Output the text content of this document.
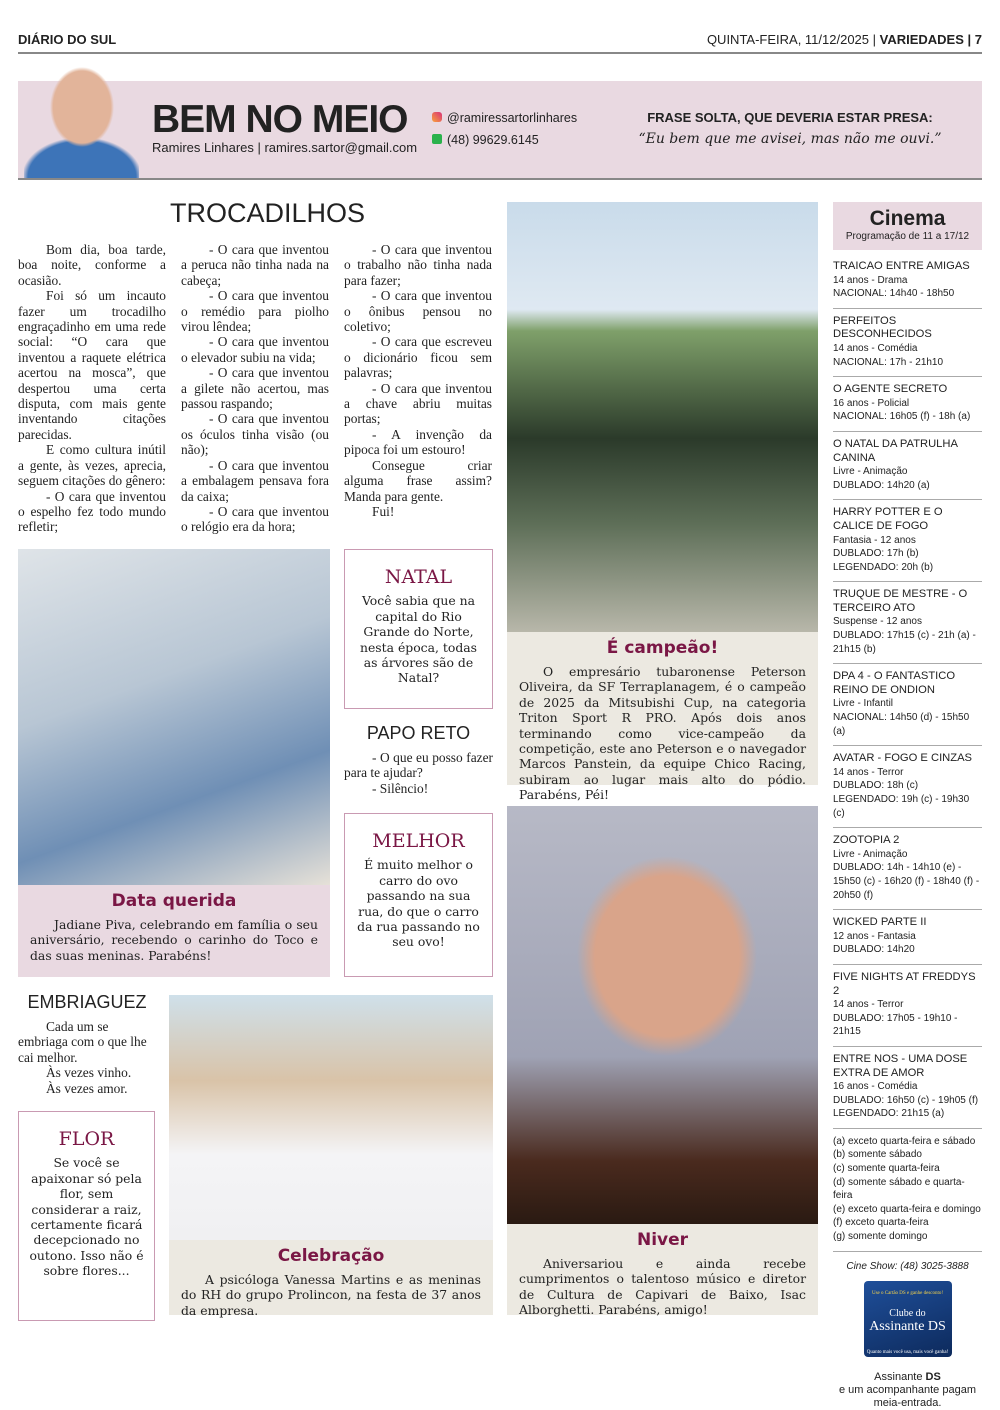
DIÁRIO DO SUL	QUINTA-FEIRA, 11/12/2025 | VARIEDADES | 7
BEM NO MEIO
Ramires Linhares | ramires.sartor@gmail.com
@ramiressartorlinhares
(48) 99629.6145
FRASE SOLTA, QUE DEVERIA ESTAR PRESA:
“Eu bem que me avisei, mas não me ouvi.”
TROCADILHOS

Bom dia, boa tarde, boa noite, conforme a ocasião.

Foi só um incauto fazer um trocadilho engraçadinho em uma rede social: “O cara que inventou a raquete elétrica acertou na mosca”, que despertou uma certa disputa, com mais gente inventando citações parecidas.

E como cultura inútil a gente, às vezes, aprecia, seguem citações do gênero:

- O cara que inventou o espelho fez todo mundo refletir;

- O cara que inventou a peruca não tinha nada na cabeça;

- O cara que inventou o remédio para piolho virou lêndea;

- O cara que inventou o elevador subiu na vida;

- O cara que inventou a gilete não acertou, mas passou raspando;

- O cara que inventou os óculos tinha visão (ou não);

- O cara que inventou a embalagem pensava fora da caixa;

- O cara que inventou o relógio era da hora;

- O cara que inventou o trabalho não tinha nada para fazer;

- O cara que inventou o ônibus pensou no coletivo;

- O cara que escreveu o dicionário ficou sem palavras;

- O cara que inventou a chave abriu muitas portas;

- A invenção da pipoca foi um estouro!

Consegue criar alguma frase assim? Manda para gente.

Fui!

Data querida

Jadiane Piva, celebrando em família o seu aniversário, recebendo o carinho do Toco e das suas meninas. Parabéns!

NATAL
Você sabia que na capital do Rio Grande do Norte, nesta época, todas as árvores são de Natal?
PAPO RETO

- O que eu posso fazer para te ajudar?

- Silêncio!

MELHOR
É muito melhor o carro do ovo passando na sua rua, do que o carro da rua passando no seu ovo!
EMBRIAGUEZ

Cada um se embriaga com o que lhe cai melhor.

Às vezes vinho.

Às vezes amor.

FLOR
Se você se apaixonar só pela flor, sem considerar a raiz, certamente ficará decepcionado no outono. Isso não é sobre flores...
Celebração

A psicóloga Vanessa Martins e as meninas do RH do grupo Prolincon, na festa de 37 anos da empresa.

É campeão!

O empresário tubaronense Peterson Oliveira, da SF Terraplanagem, é o campeão de 2025 da Mitsubishi Cup, na categoria Triton Sport R PRO. Após dois anos terminando como vice-campeão da competição, este ano Peterson e o navegador Marcos Panstein, da equipe Chico Racing, subiram ao lugar mais alto do pódio. Parabéns, Péi!

Niver

Aniversariou e ainda recebe cumprimentos o talentoso músico e diretor de Cultura de Capivari de Baixo, Isac Alborghetti. Parabéns, amigo!

Cinema
Programação de 11 a 17/12
TRAICAO ENTRE AMIGAS
14 anos - Drama
NACIONAL: 14h40 - 18h50
PERFEITOS DESCONHECIDOS
14 anos - Comédia
NACIONAL: 17h - 21h10
O AGENTE SECRETO
16 anos - Policial
NACIONAL: 16h05 (f) - 18h (a)
O NATAL DA PATRULHA CANINA
Livre - Animação
DUBLADO: 14h20 (a)
HARRY POTTER E O CALICE DE FOGO
Fantasia - 12 anos
DUBLADO: 17h (b)
LEGENDADO: 20h (b)
TRUQUE DE MESTRE - O TERCEIRO ATO
Suspense - 12 anos
DUBLADO: 17h15 (c) - 21h (a) - 21h15 (b)
DPA 4 - O FANTASTICO REINO DE ONDION
Livre - Infantil
NACIONAL: 14h50 (d) - 15h50 (a)
AVATAR - FOGO E CINZAS
14 anos - Terror
DUBLADO: 18h (c)
LEGENDADO: 19h (c) - 19h30 (c)
ZOOTOPIA 2
Livre - Animação
DUBLADO: 14h - 14h10 (e) - 15h50 (c) - 16h20 (f) - 18h40 (f) - 20h50 (f)
WICKED PARTE II
12 anos - Fantasia
DUBLADO: 14h20
FIVE NIGHTS AT FREDDYS 2
14 anos - Terror
DUBLADO: 17h05 - 19h10 - 21h15
ENTRE NOS - UMA DOSE EXTRA DE AMOR
16 anos - Comédia
DUBLADO: 16h50 (c) - 19h05 (f)
LEGENDADO: 21h15 (a)
(a) exceto quarta-feira e sábado
(b) somente sábado
(c) somente quarta-feira
(d) somente sábado e quarta-feira
(e) exceto quarta-feira e domingo
(f) exceto quarta-feira
(g) somente domingo
Cine Show: (48) 3025-3888
Use o Cartão DS e ganhe desconto!
Clube do
Assinante DS
Quanto mais você usa, mais você ganha!
Assinante DS
e um acompanhante pagam meia-entrada.
